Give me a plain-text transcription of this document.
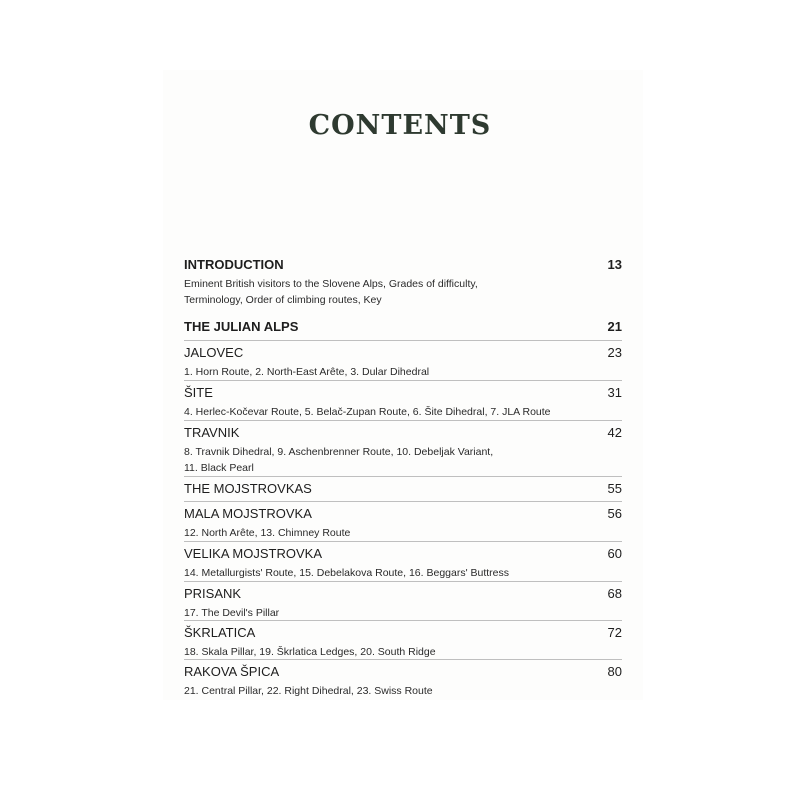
CONTENTS
INTRODUCTION	13
Eminent British visitors to the Slovene Alps, Grades of difficulty,
Terminology, Order of climbing routes, Key
THE JULIAN ALPS	21
JALOVEC	23
1. Horn Route, 2. North-East Arête, 3. Dular Dihedral
ŠITE	31
4. Herlec-Kočevar Route, 5. Belač-Zupan Route, 6. Šite Dihedral, 7. JLA Route
TRAVNIK	42
8. Travnik Dihedral, 9. Aschenbrenner Route, 10. Debeljak Variant,
11. Black Pearl
THE MOJSTROVKAS	55
MALA MOJSTROVKA	56
12. North Arête, 13. Chimney Route
VELIKA MOJSTROVKA	60
14. Metallurgists' Route, 15. Debelakova Route, 16. Beggars' Buttress
PRISANK	68
17. The Devil's Pillar
ŠKRLATICA	72
18. Skala Pillar, 19. Škrlatica Ledges, 20. South Ridge
RAKOVA ŠPICA	80
21. Central Pillar, 22. Right Dihedral, 23. Swiss Route
